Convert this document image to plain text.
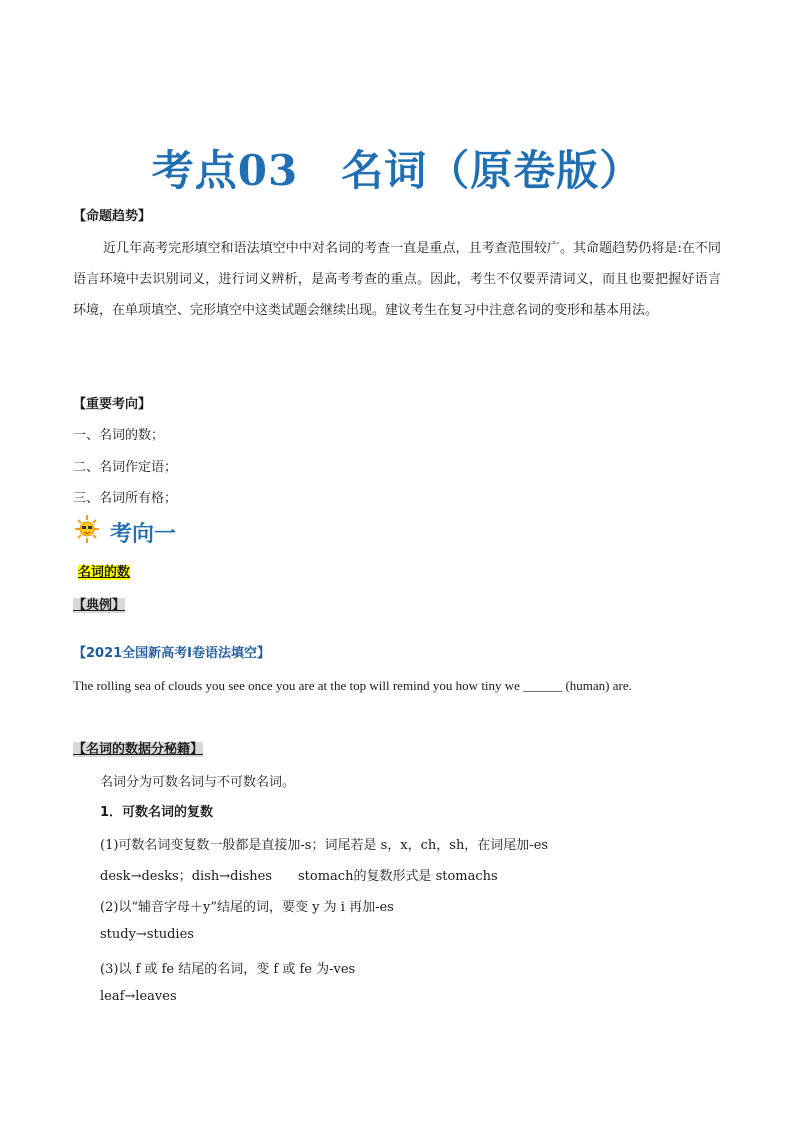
考点03　名词（原卷版）
【命题趋势】
近几年高考完形填空和语法填空中中对名词的考查一直是重点，且考查范围较广。其命题趋势仍将是:在不同语言环境中去识别词义，进行词义辨析，是高考考查的重点。因此，考生不仅要弄清词义，而且也要把握好语言环境，在单项填空、完形填空中这类试题会继续出现。建议考生在复习中注意名词的变形和基本用法。
【重要考向】
一、名词的数；
二、名词作定语；
三、名词所有格；
考向一
名词的数
【典例】
【2021全国新高考Ⅰ卷语法填空】
The rolling sea of clouds you see once you are at the top will remind you how tiny we ______ (human) are.
【名词的数据分秘籍】
名词分为可数名词与不可数名词。
1．可数名词的复数
(1)可数名词变复数一般都是直接加-s；词尾若是 s，x，ch，sh，在词尾加-es
desk→desks；dish→dishes　　stomach的复数形式是 stomachs
(2)以“辅音字母＋y”结尾的词，要变 y 为 i 再加-es
study→studies
(3)以 f 或 fe 结尾的名词，变 f 或 fe 为-ves
leaf→leaves
